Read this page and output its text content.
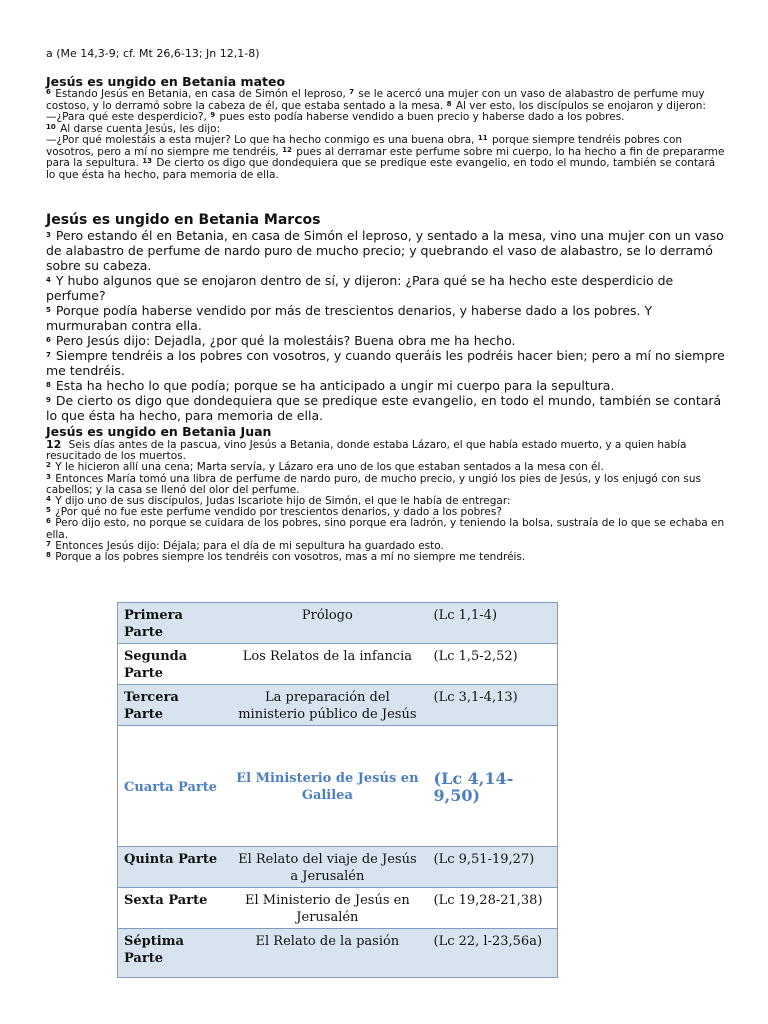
a (Me 14,3-9; cf. Mt 26,6-13; Jn 12,1-8)
Jesús es ungido en Betania mateo

$^6$ Estando Jesús en Betania, en casa de Simón el leproso, $^7$ se le acercó una mujer con un vaso de alabastro de perfume muy costoso, y lo derramó sobre la cabeza de él, que estaba sentado a la mesa. $^8$ Al ver esto, los discípulos se enojaron y dijeron:

—¿Para qué este desperdicio?, $^9$ pues esto podía haberse vendido a buen precio y haberse dado a los pobres.

$^{10}$ Al darse cuenta Jesús, les dijo:

—¿Por qué molestáis a esta mujer? Lo que ha hecho conmigo es una buena obra, $^{11}$ porque siempre tendréis pobres con vosotros, pero a mí no siempre me tendréis, $^{12}$ pues al derramar este perfume sobre mi cuerpo, lo ha hecho a fin de prepararme para la sepultura. $^{13}$ De cierto os digo que dondequiera que se predique este evangelio, en todo el mundo, también se contará lo que ésta ha hecho, para memoria de ella.

Jesús es ungido en Betania Marcos

$^3$ Pero estando él en Betania, en casa de Simón el leproso, y sentado a la mesa, vino una mujer con un vaso de alabastro de perfume de nardo puro de mucho precio; y quebrando el vaso de alabastro, se lo derramó sobre su cabeza.

$^4$ Y hubo algunos que se enojaron dentro de sí, y dijeron: ¿Para qué se ha hecho este desperdicio de perfume?

$^5$ Porque podía haberse vendido por más de trescientos denarios, y haberse dado a los pobres. Y murmuraban contra ella.

$^6$ Pero Jesús dijo: Dejadla, ¿por qué la molestáis? Buena obra me ha hecho.

$^7$ Siempre tendréis a los pobres con vosotros, y cuando queráis les podréis hacer bien; pero a mí no siempre me tendréis.

$^8$ Esta ha hecho lo que podía; porque se ha anticipado a ungir mi cuerpo para la sepultura.

$^9$ De cierto os digo que dondequiera que se predique este evangelio, en todo el mundo, también se contará lo que ésta ha hecho, para memoria de ella.

Jesús es ungido en Betania Juan

12 Seis días antes de la pascua, vino Jesús a Betania, donde estaba Lázaro, el que había estado muerto, y a quien había resucitado de los muertos.

$^2$ Y le hicieron allí una cena; Marta servía, y Lázaro era uno de los que estaban sentados a la mesa con él.

$^3$ Entonces María tomó una libra de perfume de nardo puro, de mucho precio, y ungió los pies de Jesús, y los enjugó con sus cabellos; y la casa se llenó del olor del perfume.

$^4$ Y dijo uno de sus discípulos, Judas Iscariote hijo de Simón, el que le había de entregar:

$^5$ ¿Por qué no fue este perfume vendido por trescientos denarios, y dado a los pobres?

$^6$ Pero dijo esto, no porque se cuidara de los pobres, sino porque era ladrón, y teniendo la bolsa, sustraía de lo que se echaba en ella.

$^7$ Entonces Jesús dijo: Déjala; para el día de mi sepultura ha guardado esto.

$^8$ Porque a los pobres siempre los tendréis con vosotros, mas a mí no siempre me tendréis.

Primera Parte	Prólogo	(Lc 1,1-4)
Segunda Parte	Los Relatos de la infancia	(Lc 1,5-2,52)
Tercera Parte	La preparación del ministerio público de Jesús	(Lc 3,1-4,13)
Cuarta Parte	El Ministerio de Jesús en Galilea	(Lc 4,14-9,50)
Quinta Parte	El Relato del viaje de Jesús a Jerusalén	(Lc 9,51-19,27)
Sexta Parte	El Ministerio de Jesús en Jerusalén	(Lc 19,28-21,38)
Séptima Parte	El Relato de la pasión	(Lc 22, l-23,56a)
